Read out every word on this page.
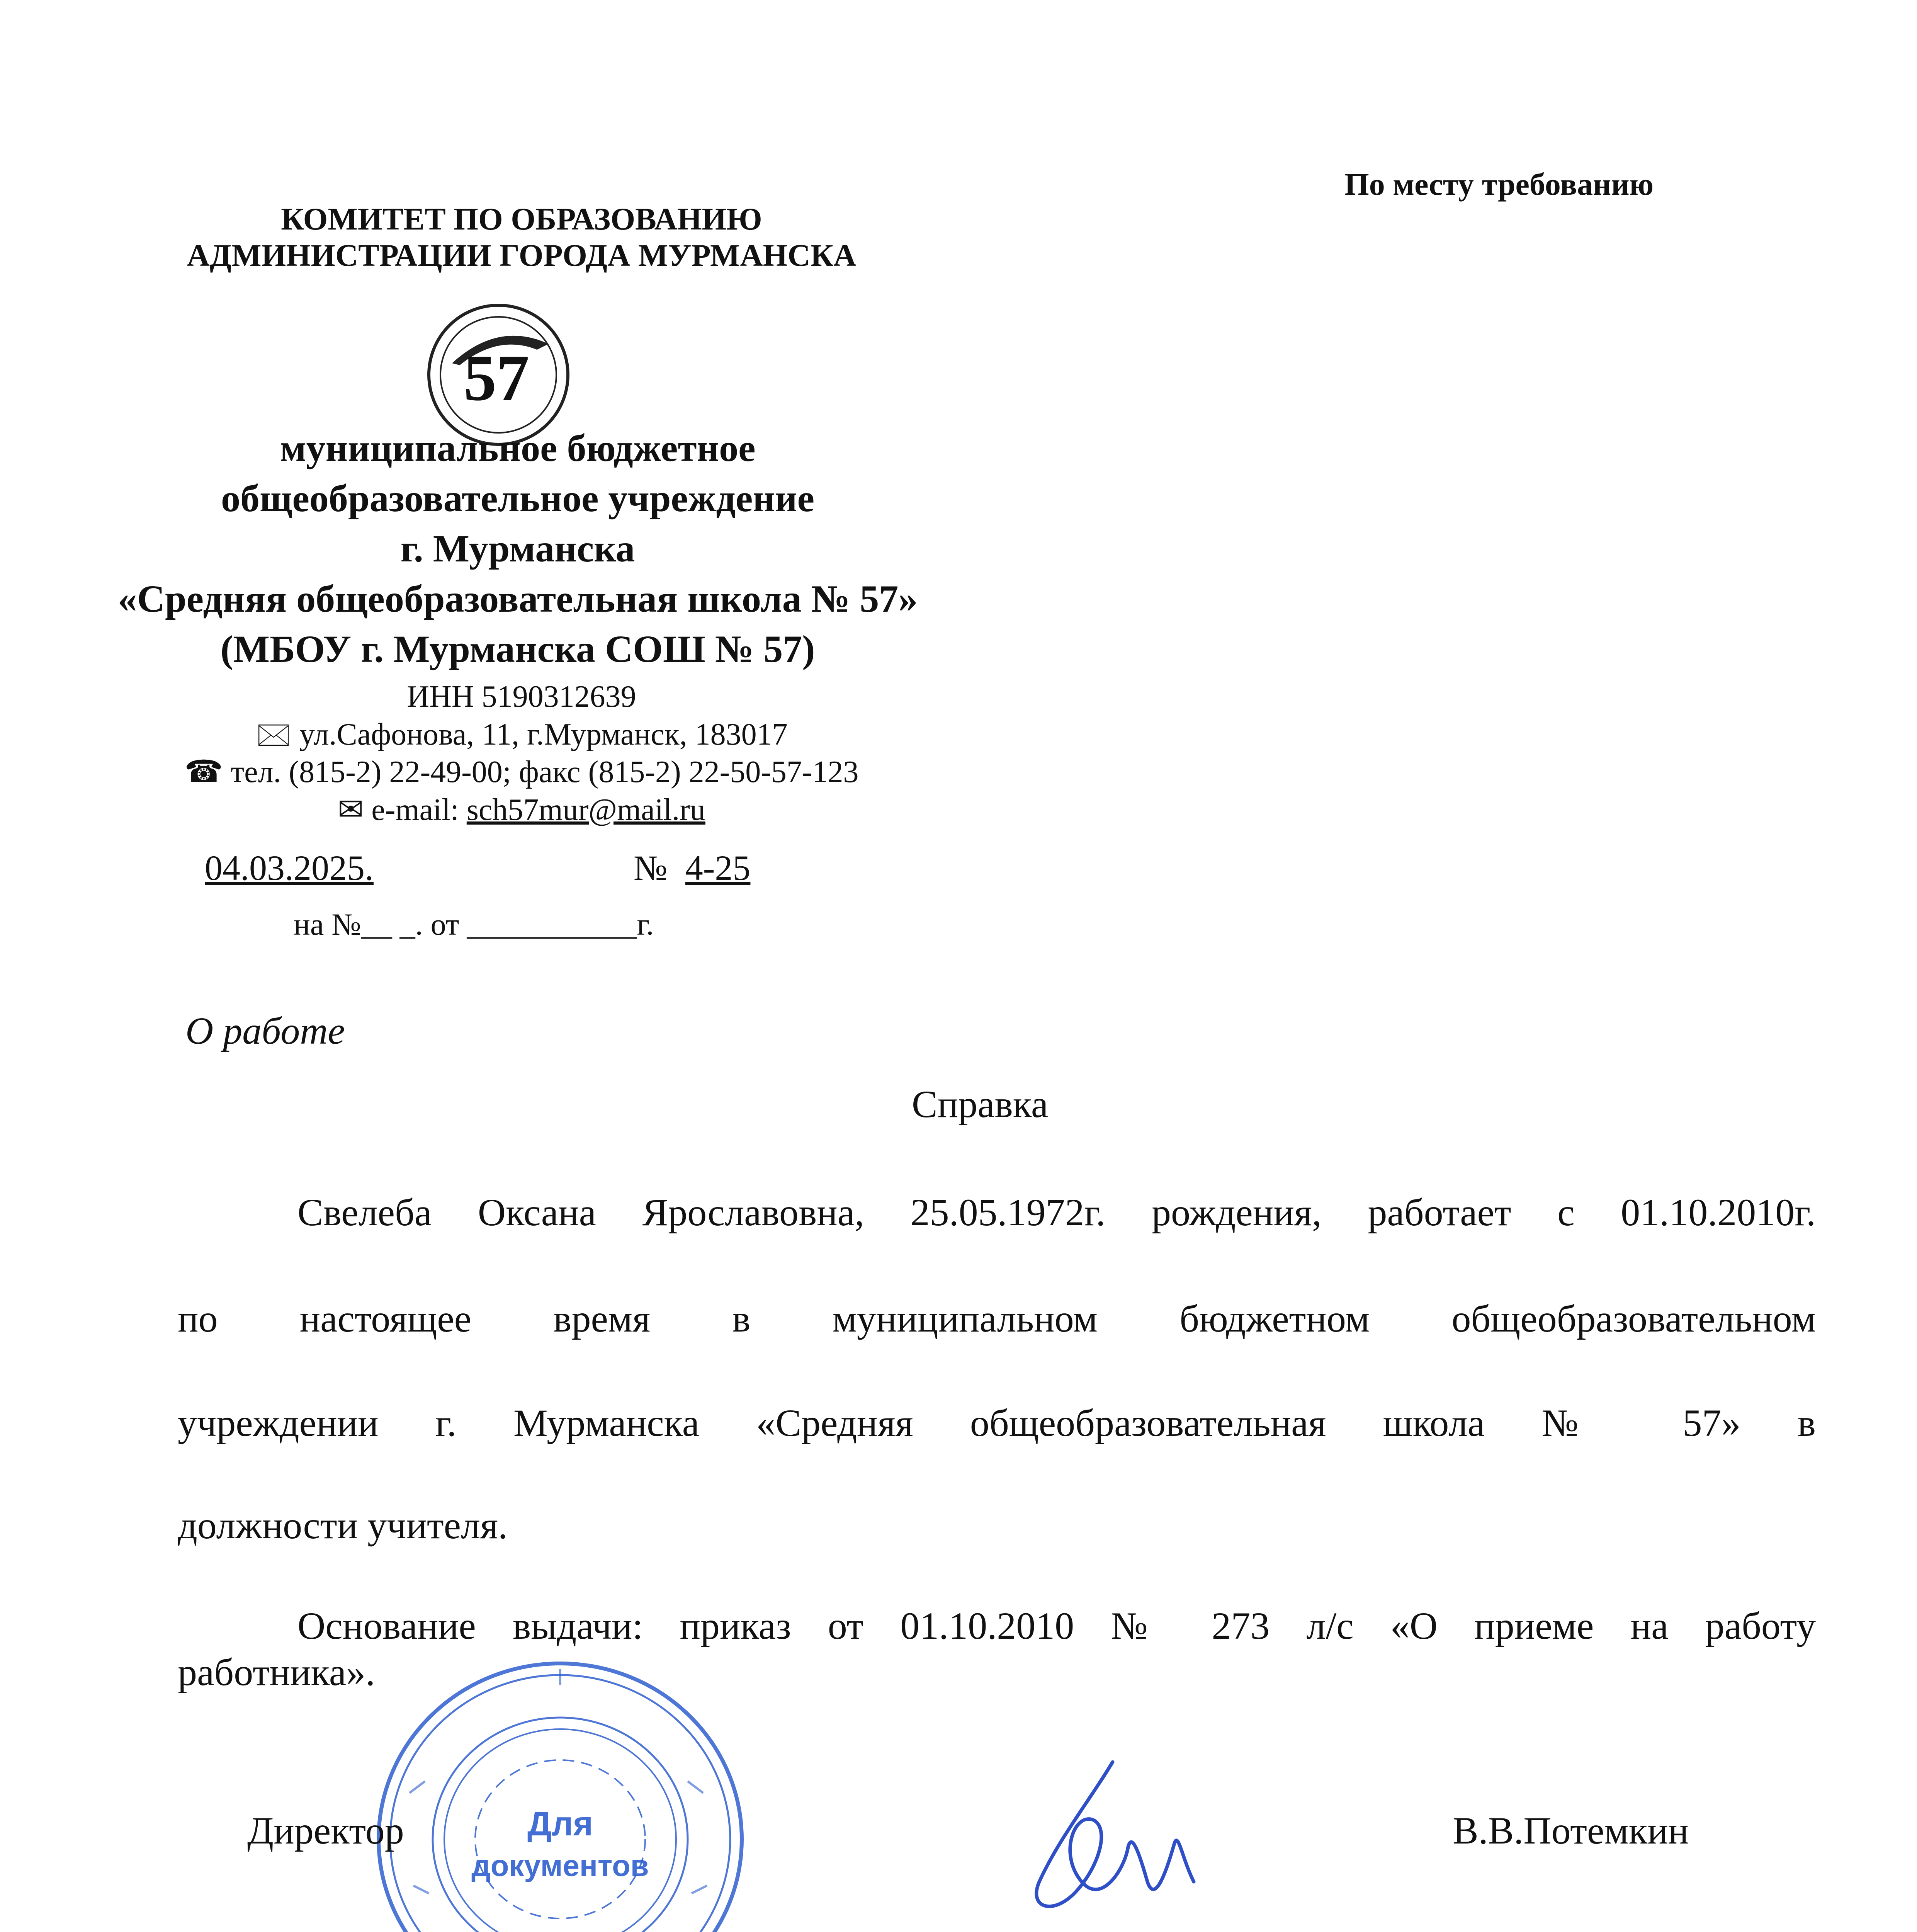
По месту требованию
КОМИТЕТ ПО ОБРАЗОВАНИЮ
АДМИНИСТРАЦИИ ГОРОДА МУРМАНСКА
57
муниципальное бюджетное
общеобразовательное учреждение
г. Мурманска
«Средняя общеобразовательная школа № 57»
(МБОУ г. Мурманска СОШ № 57)
ИНН 5190312639
🖂 ул.Сафонова, 11, г.Мурманск, 183017
☎ тел. (815-2) 22-49-00; факс (815-2) 22-50-57-123
✉ e-mail: sch57mur@mail.ru
04.03.2025.	№ 4-25
на №__ _. от ___________г.
О работе
Справка
Свелеба Оксана Ярославовна, 25.05.1972г. рождения, работает с 01.10.2010г.
по настоящее время в муниципальном бюджетном общеобразовательном
учреждении г. Мурманска «Средняя общеобразовательная школа № 57» в
должности учителя.
Основание выдачи: приказ от 01.10.2010 № 273 л/с «О приеме на работу
работника».
Для
документов
Директор	В.В.Потемкин
